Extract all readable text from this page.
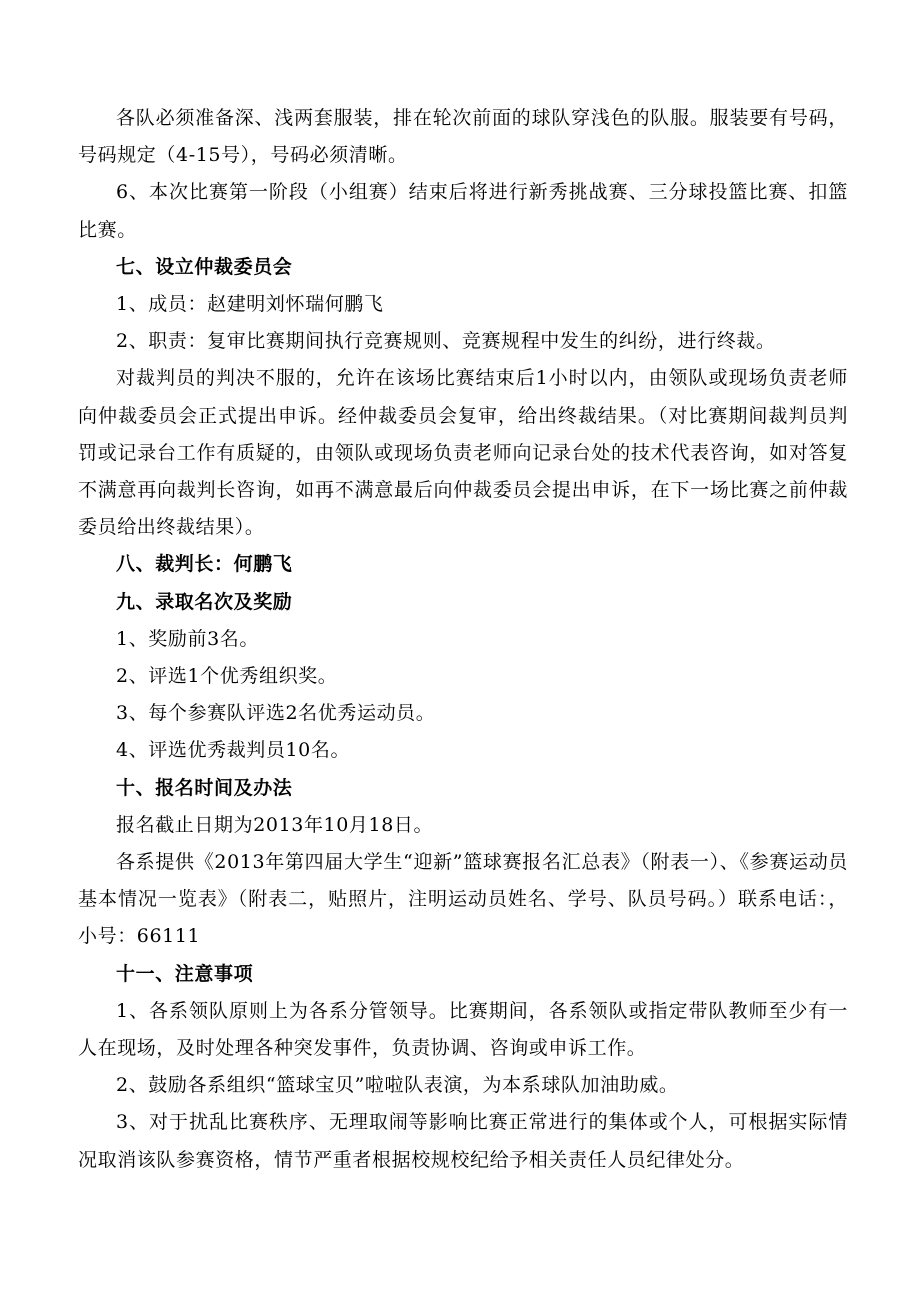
各队必须准备深、浅两套服装，排在轮次前面的球队穿浅色的队服。服装要有号码，号码规定（4-15号），号码必须清晰。

6、本次比赛第一阶段（小组赛）结束后将进行新秀挑战赛、三分球投篮比赛、扣篮比赛。

七、设立仲裁委员会

1、成员：赵建明刘怀瑞何鹏飞

2、职责：复审比赛期间执行竞赛规则、竞赛规程中发生的纠纷，进行终裁。

对裁判员的判决不服的，允许在该场比赛结束后1小时以内，由领队或现场负责老师向仲裁委员会正式提出申诉。经仲裁委员会复审，给出终裁结果。（对比赛期间裁判员判罚或记录台工作有质疑的，由领队或现场负责老师向记录台处的技术代表咨询，如对答复不满意再向裁判长咨询，如再不满意最后向仲裁委员会提出申诉，在下一场比赛之前仲裁委员给出终裁结果）。

八、裁判长：何鹏飞

九、录取名次及奖励

1、奖励前3名。

2、评选1个优秀组织奖。

3、每个参赛队评选2名优秀运动员。

4、评选优秀裁判员10名。

十、报名时间及办法

报名截止日期为2013年10月18日。

各系提供《2013年第四届大学生“迎新”篮球赛报名汇总表》（附表一）、《参赛运动员基本情况一览表》（附表二，贴照片，注明运动员姓名、学号、队员号码。）联系电话：，小号：66111

十一、注意事项

1、各系领队原则上为各系分管领导。比赛期间，各系领队或指定带队教师至少有一人在现场，及时处理各种突发事件，负责协调、咨询或申诉工作。

2、鼓励各系组织“篮球宝贝”啦啦队表演，为本系球队加油助威。

3、对于扰乱比赛秩序、无理取闹等影响比赛正常进行的集体或个人，可根据实际情况取消该队参赛资格，情节严重者根据校规校纪给予相关责任人员纪律处分。
